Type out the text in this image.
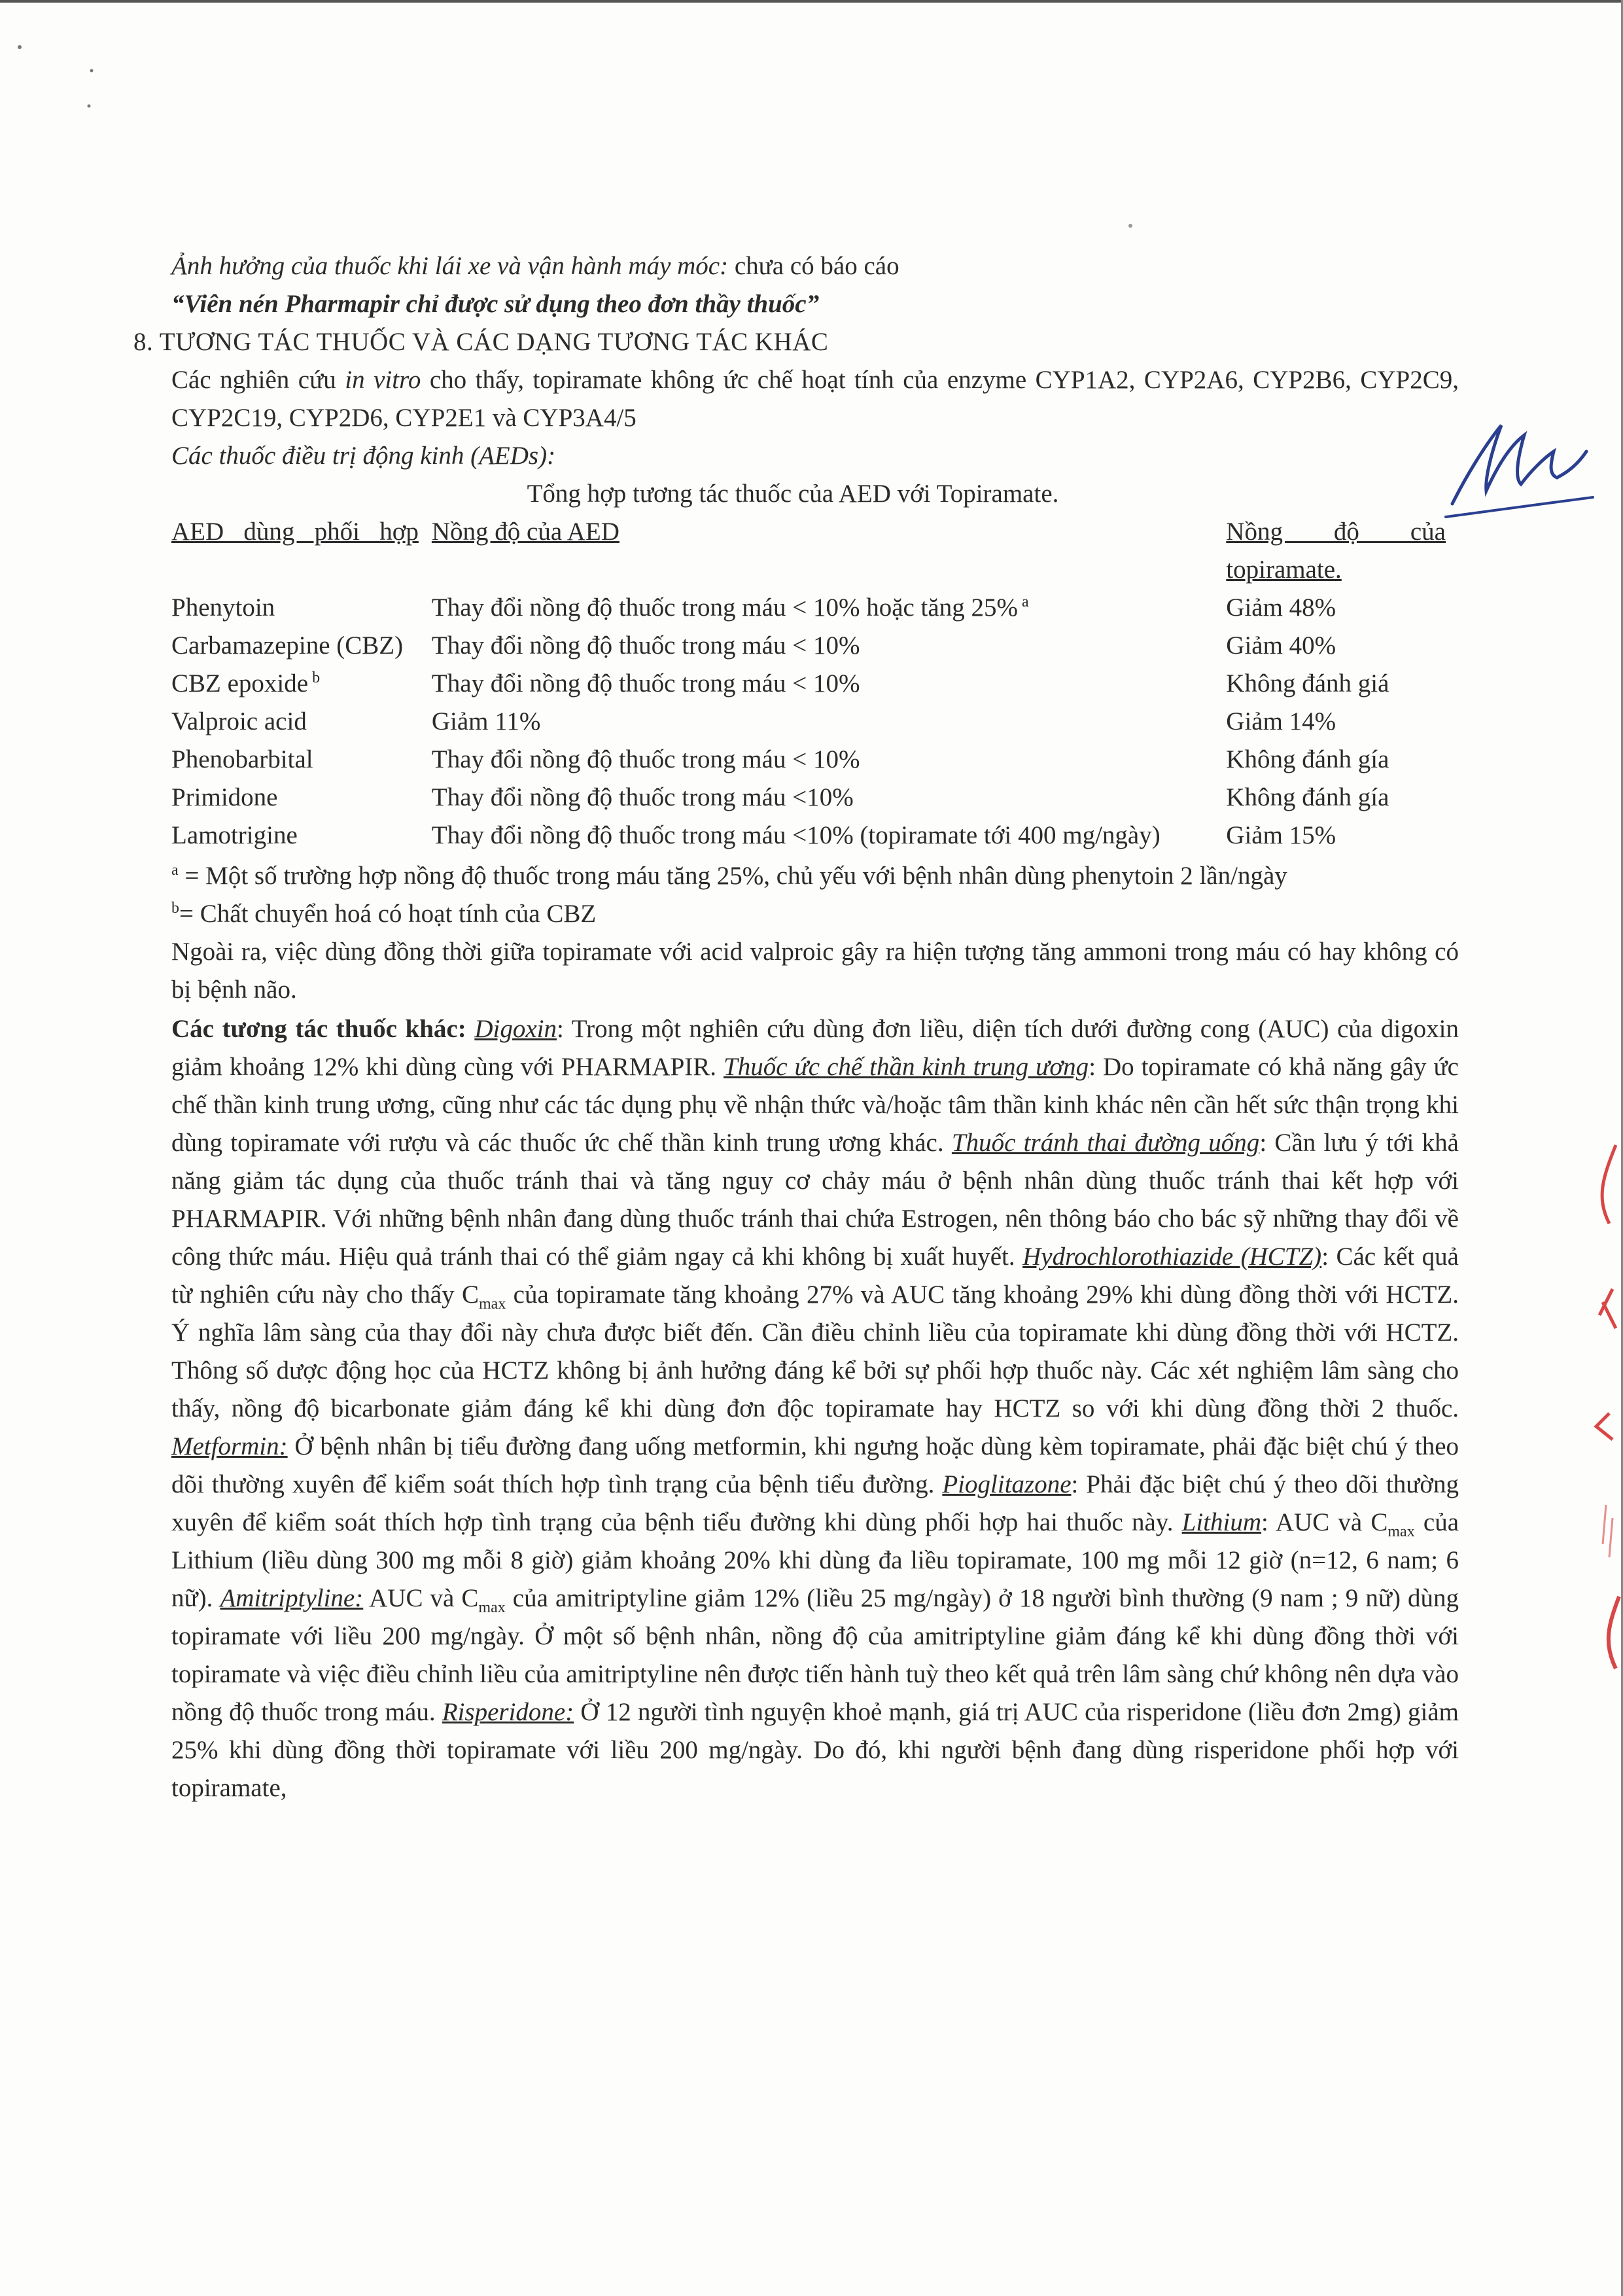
Ảnh hưởng của thuốc khi lái xe và vận hành máy móc: chưa có báo cáo

“Viên nén Pharmapir chỉ được sử dụng theo đơn thầy thuốc”

8. TƯƠNG TÁC THUỐC VÀ CÁC DẠNG TƯƠNG TÁC KHÁC

Các nghiên cứu in vitro cho thấy, topiramate không ức chế hoạt tính của enzyme CYP1A2, CYP2A6, CYP2B6, CYP2C9, CYP2C19, CYP2D6, CYP2E1 và CYP3A4/5

Các thuốc điều trị động kinh (AEDs):

Tổng hợp tương tác thuốc của AED với Topiramate.

AED dùng phối hợp	Nồng độ của AED	Nồng độ của topiramate.
Phenytoin	Thay đổi nồng độ thuốc trong máu < 10% hoặc tăng 25% $^a$	Giảm 48%
Carbamazepine (CBZ)	Thay đổi nồng độ thuốc trong máu < 10%	Giảm 40%
CBZ epoxide $^b$	Thay đổi nồng độ thuốc trong máu < 10%	Không đánh giá
Valproic acid	Giảm 11%	Giảm 14%
Phenobarbital	Thay đổi nồng độ thuốc trong máu < 10%	Không đánh gía
Primidone	Thay đổi nồng độ thuốc trong máu <10%	Không đánh gía
Lamotrigine	Thay đổi nồng độ thuốc trong máu <10% (topiramate tới 400 mg/ngày)	Giảm 15%

$^a$ = Một số trường hợp nồng độ thuốc trong máu tăng 25%, chủ yếu với bệnh nhân dùng phenytoin 2 lần/ngày

$^b$= Chất chuyển hoá có hoạt tính của CBZ

Ngoài ra, việc dùng đồng thời giữa topiramate với acid valproic gây ra hiện tượng tăng ammoni trong máu có hay không có bị bệnh não.

Các tương tác thuốc khác: Digoxin: Trong một nghiên cứu dùng đơn liều, diện tích dưới đường cong (AUC) của digoxin giảm khoảng 12% khi dùng cùng với PHARMAPIR. Thuốc ức chế thần kinh trung ương: Do topiramate có khả năng gây ức chế thần kinh trung ương, cũng như các tác dụng phụ về nhận thức và/hoặc tâm thần kinh khác nên cần hết sức thận trọng khi dùng topiramate với rượu và các thuốc ức chế thần kinh trung ương khác. Thuốc tránh thai đường uống: Cần lưu ý tới khả năng giảm tác dụng của thuốc tránh thai và tăng nguy cơ chảy máu ở bệnh nhân dùng thuốc tránh thai kết hợp với PHARMAPIR. Với những bệnh nhân đang dùng thuốc tránh thai chứa Estrogen, nên thông báo cho bác sỹ những thay đổi về công thức máu. Hiệu quả tránh thai có thể giảm ngay cả khi không bị xuất huyết. Hydrochlorothiazide (HCTZ): Các kết quả từ nghiên cứu này cho thấy $C_{max}$ của topiramate tăng khoảng 27% và AUC tăng khoảng 29% khi dùng đồng thời với HCTZ. Ý nghĩa lâm sàng của thay đổi này chưa được biết đến. Cần điều chỉnh liều của topiramate khi dùng đồng thời với HCTZ. Thông số dược động học của HCTZ không bị ảnh hưởng đáng kể bởi sự phối hợp thuốc này. Các xét nghiệm lâm sàng cho thấy, nồng độ bicarbonate giảm đáng kể khi dùng đơn độc topiramate hay HCTZ so với khi dùng đồng thời 2 thuốc. Metformin: Ở bệnh nhân bị tiểu đường đang uống metformin, khi ngưng hoặc dùng kèm topiramate, phải đặc biệt chú ý theo dõi thường xuyên để kiểm soát thích hợp tình trạng của bệnh tiểu đường. Pioglitazone: Phải đặc biệt chú ý theo dõi thường xuyên để kiểm soát thích hợp tình trạng của bệnh tiểu đường khi dùng phối hợp hai thuốc này. Lithium: AUC và $C_{max}$ của Lithium (liều dùng 300 mg mỗi 8 giờ) giảm khoảng 20% khi dùng đa liều topiramate, 100 mg mỗi 12 giờ (n=12, 6 nam; 6 nữ). Amitriptyline: AUC và $C_{max}$ của amitriptyline giảm 12% (liều 25 mg/ngày) ở 18 người bình thường (9 nam ; 9 nữ) dùng topiramate với liều 200 mg/ngày. Ở một số bệnh nhân, nồng độ của amitriptyline giảm đáng kể khi dùng đồng thời với topiramate và việc điều chỉnh liều của amitriptyline nên được tiến hành tuỳ theo kết quả trên lâm sàng chứ không nên dựa vào nồng độ thuốc trong máu. Risperidone: Ở 12 người tình nguyện khoẻ mạnh, giá trị AUC của risperidone (liều đơn 2mg) giảm 25% khi dùng đồng thời topiramate với liều 200 mg/ngày. Do đó, khi người bệnh đang dùng risperidone phối hợp với topiramate,
